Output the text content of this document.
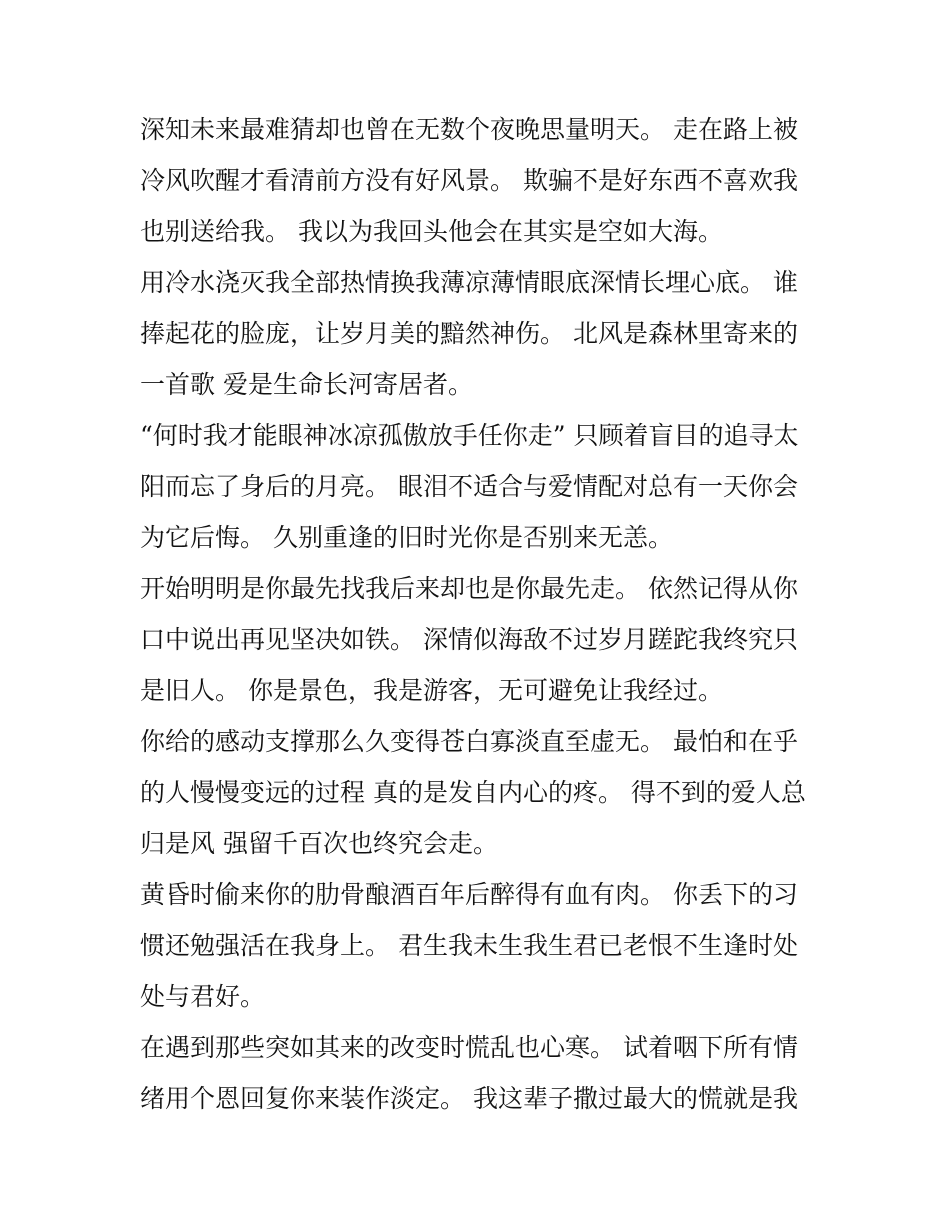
深知未来最难猜却也曾在无数个夜晚思量明天。 走在路上被
冷风吹醒才看清前方没有好风景。 欺骗不是好东西不喜欢我
也别送给我。 我以为我回头他会在其实是空如大海。
用冷水浇灭我全部热情换我薄凉薄情眼底深情长埋心底。 谁
捧起花的脸庞，让岁月美的黯然神伤。 北风是森林里寄来的
一首歌 爱是生命长河寄居者。
“何时我才能眼神冰凉孤傲放手任你走” 只顾着盲目的追寻太
阳而忘了身后的月亮。 眼泪不适合与爱情配对总有一天你会
为它后悔。 久别重逢的旧时光你是否别来无恙。
开始明明是你最先找我后来却也是你最先走。 依然记得从你
口中说出再见坚决如铁。 深情似海敌不过岁月蹉跎我终究只
是旧人。 你是景色，我是游客，无可避免让我经过。
你给的感动支撑那么久变得苍白寡淡直至虚无。 最怕和在乎
的人慢慢变远的过程 真的是发自内心的疼。 得不到的爱人总
归是风 强留千百次也终究会走。
黄昏时偷来你的肋骨酿酒百年后醉得有血有肉。 你丢下的习
惯还勉强活在我身上。 君生我未生我生君已老恨不生逢时处
处与君好。
在遇到那些突如其来的改变时慌乱也心寒。 试着咽下所有情
绪用个恩回复你来装作淡定。 我这辈子撒过最大的慌就是我
